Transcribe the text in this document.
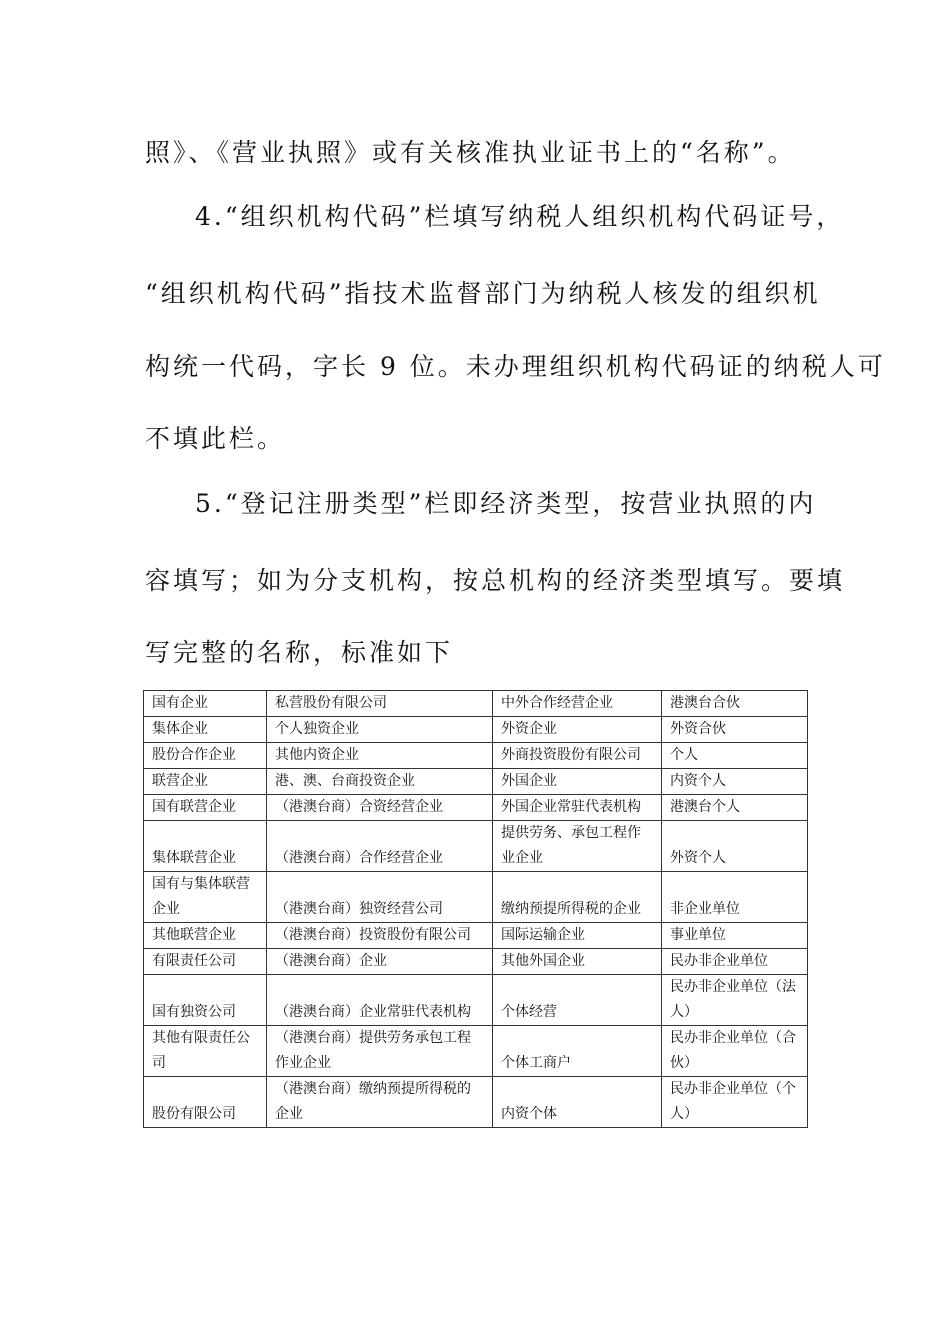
照》、《营业执照》或有关核准执业证书上的“名称”。
4.“组织机构代码”栏填写纳税人组织机构代码证号，
“组织机构代码”指技术监督部门为纳税人核发的组织机
构统一代码，字长 9 位。未办理组织机构代码证的纳税人可
不填此栏。
5.“登记注册类型”栏即经济类型，按营业执照的内
容填写；如为分支机构，按总机构的经济类型填写。要填
写完整的名称，标准如下
国有企业	私营股份有限公司	中外合作经营企业	港澳台合伙
集体企业	个人独资企业	外资企业	外资合伙
股份合作企业	其他内资企业	外商投资股份有限公司	个人
联营企业	港、澳、台商投资企业	外国企业	内资个人
国有联营企业	（港澳台商）合资经营企业	外国企业常驻代表机构	港澳台个人
集体联营企业	（港澳台商）合作经营企业	提供劳务、承包工程作业企业	外资个人
国有与集体联营企业	（港澳台商）独资经营公司	缴纳预提所得税的企业	非企业单位
其他联营企业	（港澳台商）投资股份有限公司	国际运输企业	事业单位
有限责任公司	（港澳台商）企业	其他外国企业	民办非企业单位
国有独资公司	（港澳台商）企业常驻代表机构	个体经营	民办非企业单位（法人）
其他有限责任公司	（港澳台商）提供劳务承包工程作业企业	个体工商户	民办非企业单位（合伙）
股份有限公司	（港澳台商）缴纳预提所得税的企业	内资个体	民办非企业单位（个人）
